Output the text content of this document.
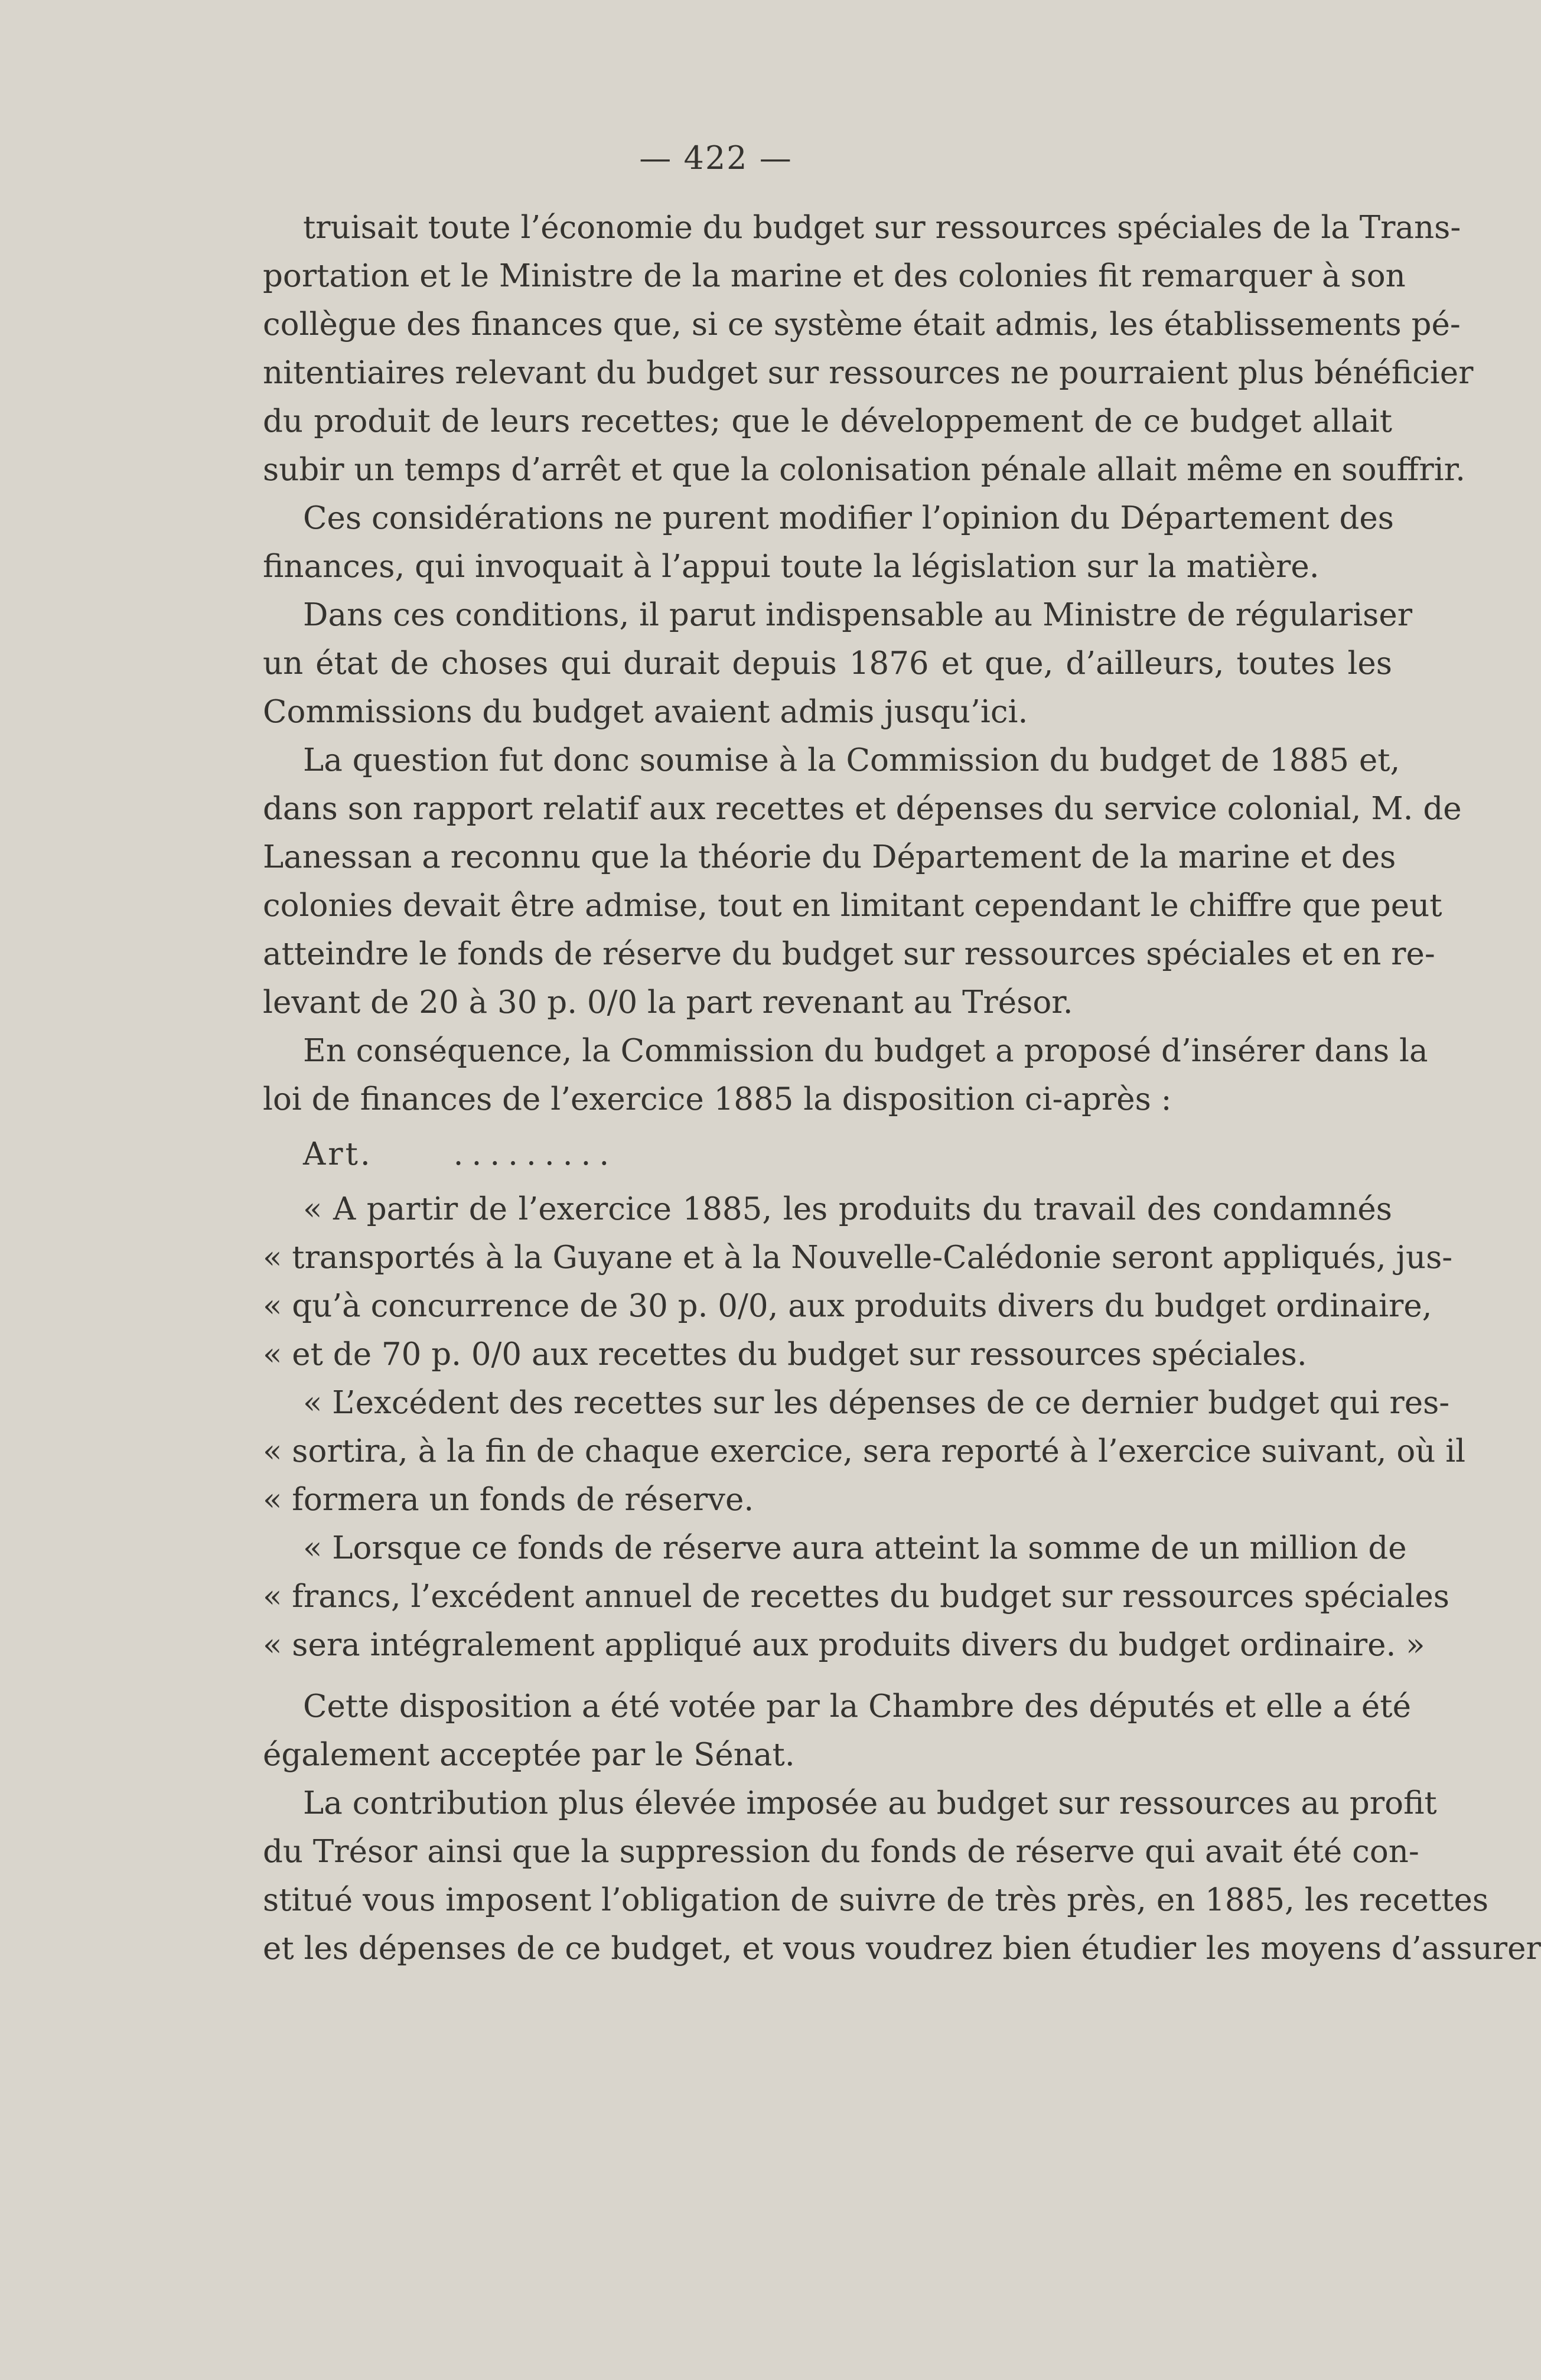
— 422 —
truisait toute l’économie du budget sur ressources spéciales de la Trans-
portation et le Ministre de la marine et des colonies fit remarquer à son
collègue des finances que, si ce système était admis, les établissements pé-
nitentiaires relevant du budget sur ressources ne pourraient plus bénéficier
du produit de leurs recettes; que le développement de ce budget allait
subir un temps d’arrêt et que la colonisation pénale allait même en souffrir.
Ces considérations ne purent modifier l’opinion du Département des
finances, qui invoquait à l’appui toute la législation sur la matière.
Dans ces conditions, il parut indispensable au Ministre de régulariser
un état de choses qui durait depuis 1876 et que, d’ailleurs, toutes les
Commissions du budget avaient admis jusqu’ici.
La question fut donc soumise à la Commission du budget de 1885 et,
dans son rapport relatif aux recettes et dépenses du service colonial, M. de
Lanessan a reconnu que la théorie du Département de la marine et des
colonies devait être admise, tout en limitant cependant le chiffre que peut
atteindre le fonds de réserve du budget sur ressources spéciales et en re-
levant de 20 à 30 p. 0/0 la part revenant au Trésor.
En conséquence, la Commission du budget a proposé d’insérer dans la
loi de finances de l’exercice 1885 la disposition ci-après :
Art.	.........
« A partir de l’exercice 1885, les produits du travail des condamnés
« transportés à la Guyane et à la Nouvelle-Calédonie seront appliqués, jus-
« qu’à concurrence de 30 p. 0/0, aux produits divers du budget ordinaire,
« et de 70 p. 0/0 aux recettes du budget sur ressources spéciales.
« L’excédent des recettes sur les dépenses de ce dernier budget qui res-
« sortira, à la fin de chaque exercice, sera reporté à l’exercice suivant, où il
« formera un fonds de réserve.
« Lorsque ce fonds de réserve aura atteint la somme de un million de
« francs, l’excédent annuel de recettes du budget sur ressources spéciales
« sera intégralement appliqué aux produits divers du budget ordinaire. »
Cette disposition a été votée par la Chambre des députés et elle a été
également acceptée par le Sénat.
La contribution plus élevée imposée au budget sur ressources au profit
du Trésor ainsi que la suppression du fonds de réserve qui avait été con-
stitué vous imposent l’obligation de suivre de très près, en 1885, les recettes
et les dépenses de ce budget, et vous voudrez bien étudier les moyens d’assurer
